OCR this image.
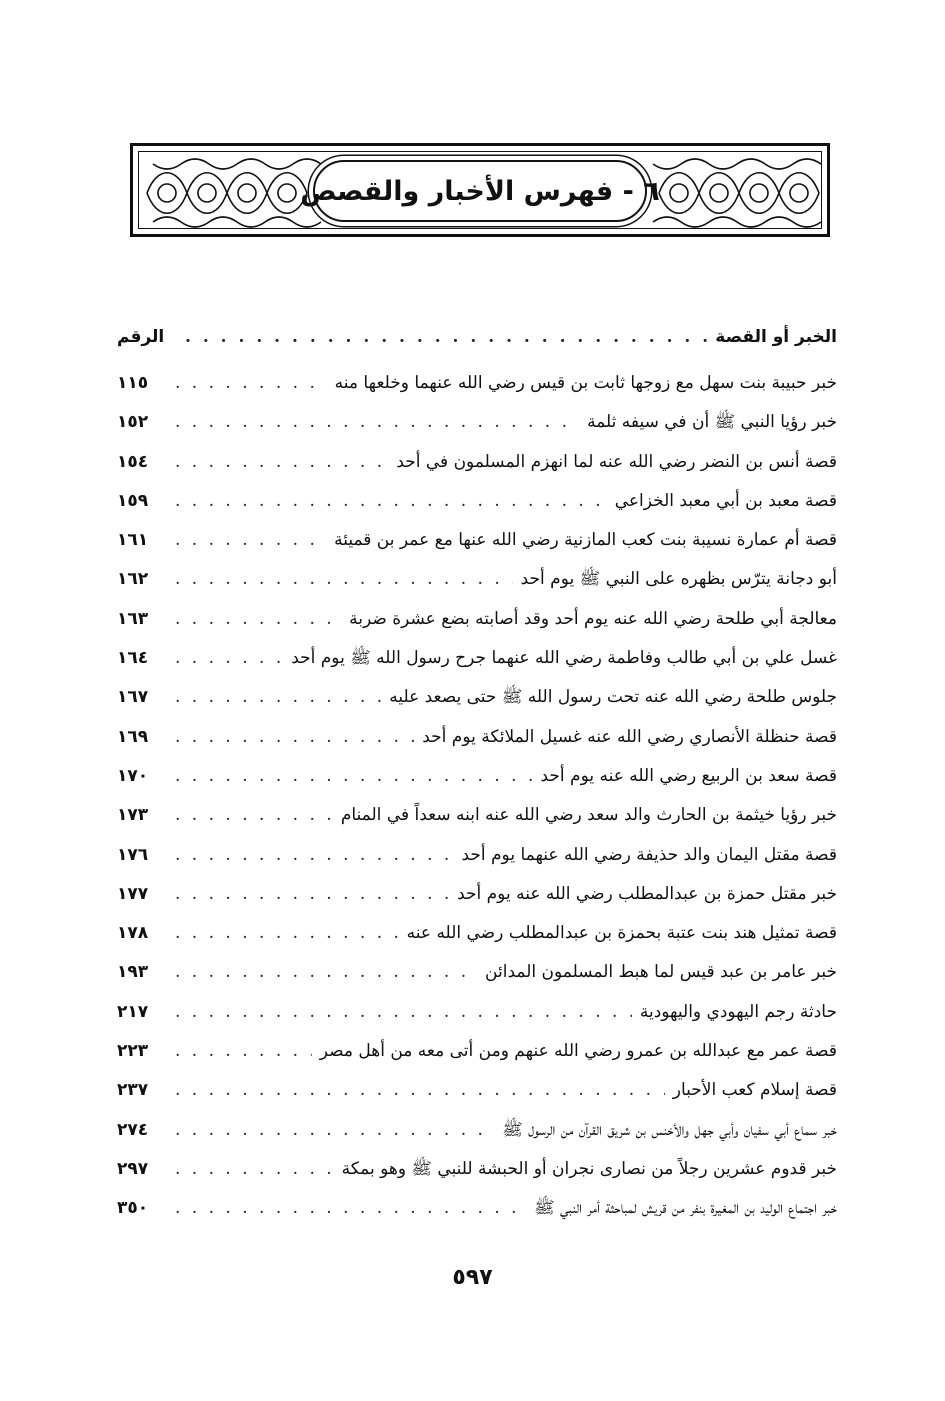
٦ - فهرس الأخبار والقصص
الخبر أو القصة
. . .
الرقم
خبر حبيبة بنت سهل مع زوجها ثابت بن قيس رضي الله عنهما وخلعها منه
. . .
١١٥
خبر رؤيا النبي ﷺ أن في سيفه ثلمة
. . .
١٥٢
قصة أنس بن النضر رضي الله عنه لما انهزم المسلمون في أحد
. . .
١٥٤
قصة معبد بن أبي معبد الخزاعي
. . .
١٥٩
قصة أم عمارة نسيبة بنت كعب المازنية رضي الله عنها مع عمر بن قميئة
. . .
١٦١
أبو دجانة يترّس بظهره على النبي ﷺ يوم أحد
. . .
١٦٢
معالجة أبي طلحة رضي الله عنه يوم أحد وقد أصابته بضع عشرة ضربة
. . .
١٦٣
غسل علي بن أبي طالب وفاطمة رضي الله عنهما جرح رسول الله ﷺ يوم أحد
. . .
١٦٤
جلوس طلحة رضي الله عنه تحت رسول الله ﷺ حتى يصعد عليه
. . .
١٦٧
قصة حنظلة الأنصاري رضي الله عنه غسيل الملائكة يوم أحد
. . .
١٦٩
قصة سعد بن الربيع رضي الله عنه يوم أحد
. . .
١٧٠
خبر رؤيا خيثمة بن الحارث والد سعد رضي الله عنه ابنه سعداً في المنام
. . .
١٧٣
قصة مقتل اليمان والد حذيفة رضي الله عنهما يوم أحد
. . .
١٧٦
خبر مقتل حمزة بن عبدالمطلب رضي الله عنه يوم أحد
. . .
١٧٧
قصة تمثيل هند بنت عتبة بحمزة بن عبدالمطلب رضي الله عنه
. . .
١٧٨
خبر عامر بن عبد قيس لما هبط المسلمون المدائن
. . .
١٩٣
حادثة رجم اليهودي واليهودية
. . .
٢١٧
قصة عمر مع عبدالله بن عمرو رضي الله عنهم ومن أتى معه من أهل مصر
. . .
٢٢٣
قصة إسلام كعب الأحبار
. . .
٢٣٧
خبر سماع أبي سفيان وأبي جهل والأخنس بن شريق القرآن من الرسول ﷺ
. . .
٢٧٤
خبر قدوم عشرين رجلاً من نصارى نجران أو الحبشة للنبي ﷺ وهو بمكة
. . .
٢٩٧
خبر اجتماع الوليد بن المغيرة بنفر من قريش لمباحثة أمر النبي ﷺ
. . .
٣٥٠
٥٩٧
